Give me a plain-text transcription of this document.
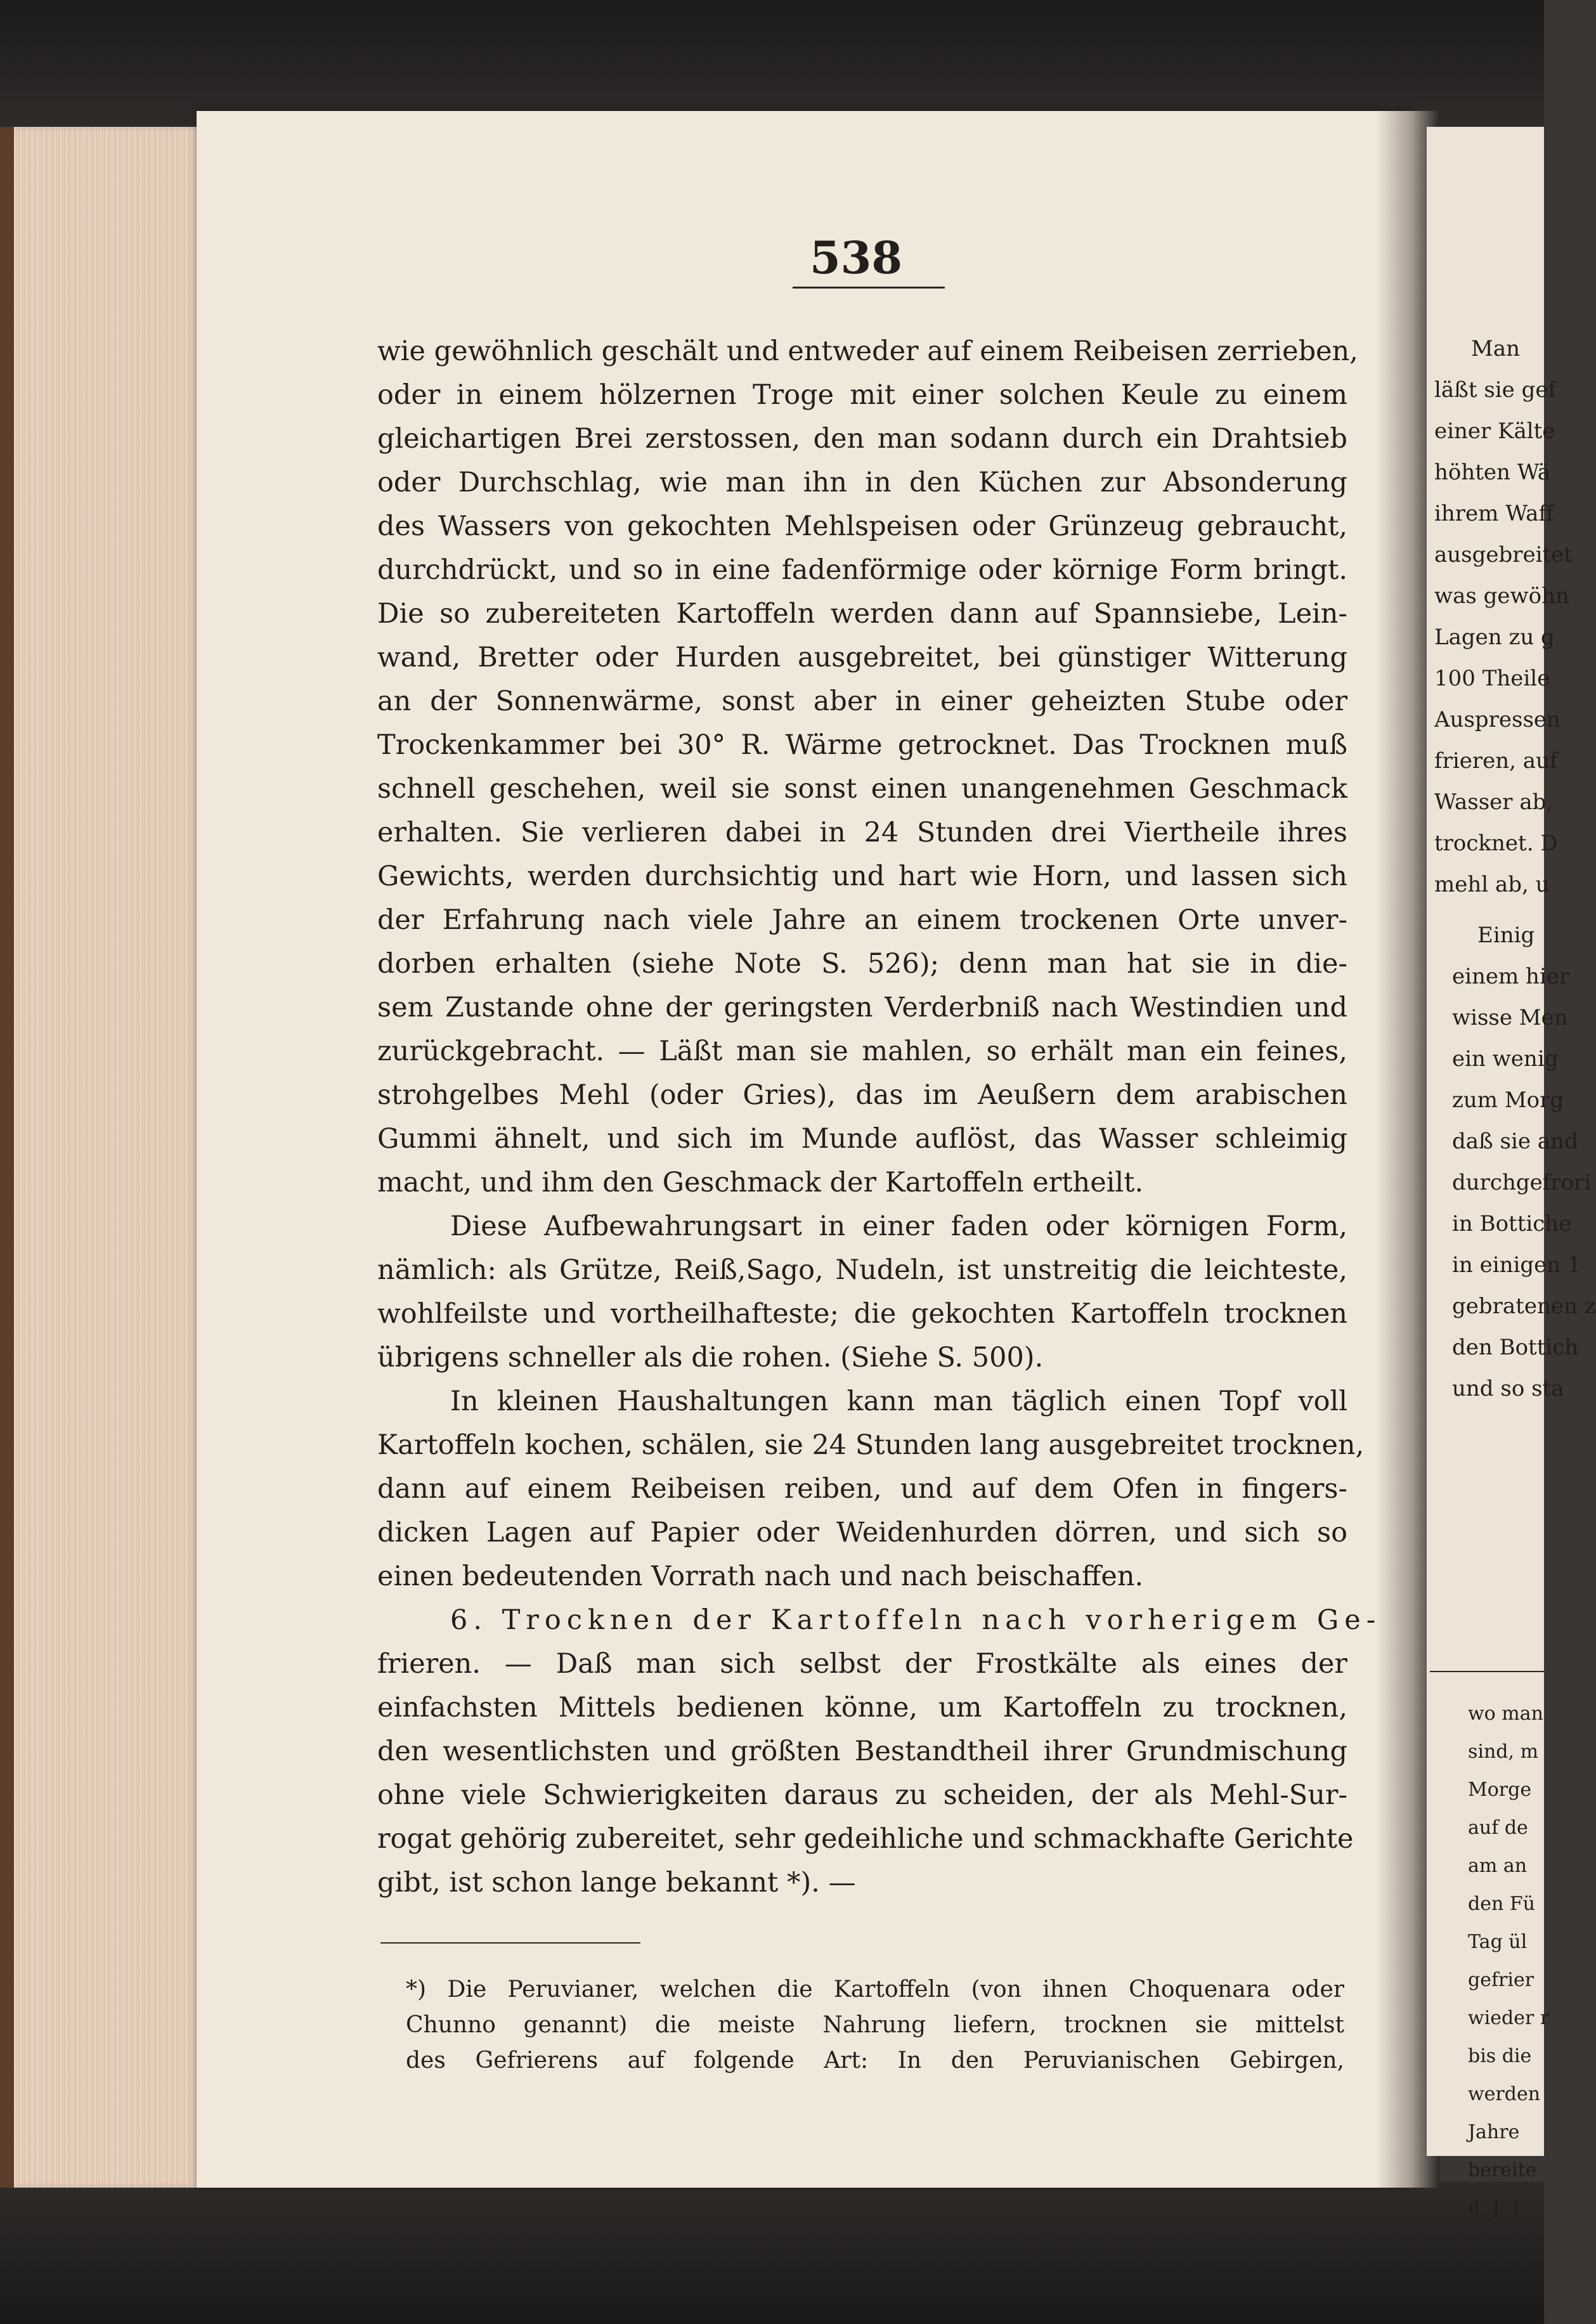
538
wie gewöhnlich geschält und entweder auf einem Reibeisen zerrieben,
oder in einem hölzernen Troge mit einer solchen Keule zu einem
gleichartigen Brei zerstossen, den man sodann durch ein Drahtsieb
oder Durchschlag, wie man ihn in den Küchen zur Absonderung
des Wassers von gekochten Mehlspeisen oder Grünzeug gebraucht,
durchdrückt, und so in eine fadenförmige oder körnige Form bringt.
Die so zubereiteten Kartoffeln werden dann auf Spannsiebe, Lein-
wand, Bretter oder Hurden ausgebreitet, bei günstiger Witterung
an der Sonnenwärme, sonst aber in einer geheizten Stube oder
Trockenkammer bei 30° R. Wärme getrocknet. Das Trocknen muß
schnell geschehen, weil sie sonst einen unangenehmen Geschmack
erhalten. Sie verlieren dabei in 24 Stunden drei Viertheile ihres
Gewichts, werden durchsichtig und hart wie Horn, und lassen sich
der Erfahrung nach viele Jahre an einem trockenen Orte unver-
dorben erhalten (siehe Note S. 526); denn man hat sie in die-
sem Zustande ohne der geringsten Verderbniß nach Westindien und
zurückgebracht. — Läßt man sie mahlen, so erhält man ein feines,
strohgelbes Mehl (oder Gries), das im Aeußern dem arabischen
Gummi ähnelt, und sich im Munde auflöst, das Wasser schleimig
macht, und ihm den Geschmack der Kartoffeln ertheilt.
Diese Aufbewahrungsart in einer faden oder körnigen Form,
nämlich: als Grütze, Reiß,Sago, Nudeln, ist unstreitig die leichteste,
wohlfeilste und vortheilhafteste; die gekochten Kartoffeln trocknen
übrigens schneller als die rohen. (Siehe S. 500).
In kleinen Haushaltungen kann man täglich einen Topf voll
Kartoffeln kochen, schälen, sie 24 Stunden lang ausgebreitet trocknen,
dann auf einem Reibeisen reiben, und auf dem Ofen in fingers-
dicken Lagen auf Papier oder Weidenhurden dörren, und sich so
einen bedeutenden Vorrath nach und nach beischaffen.
6. Trocknen der Kartoffeln nach vorherigem Ge-
frieren. — Daß man sich selbst der Frostkälte als eines der
einfachsten Mittels bedienen könne, um Kartoffeln zu trocknen,
den wesentlichsten und größten Bestandtheil ihrer Grundmischung
ohne viele Schwierigkeiten daraus zu scheiden, der als Mehl-Sur-
rogat gehörig zubereitet, sehr gedeihliche und schmackhafte Gerichte
gibt, ist schon lange bekannt *). —
*) Die Peruvianer, welchen die Kartoffeln (von ihnen Choquenara oder
Chunno genannt) die meiste Nahrung liefern, trocknen sie mittelst
des Gefrierens auf folgende Art: In den Peruvianischen Gebirgen,
Man
läßt sie gef
einer Kälte
höhten Wä
ihrem Waff
ausgebreitet
was gewöhn
Lagen zu g
100 Theile
Auspressen
frieren, auf
Wasser ab,
trocknet. D
mehl ab, u
Einig
einem hier
wisse Men
ein wenig
zum Morg
daß sie and
durchgefrori
in Bottiche
in einigen 1
gebratenen z
den Bottich
und so sta
wo man
sind, m
Morge
auf de
am an
den Fü
Tag ül
gefrier
wieder r
bis die
werden
Jahre
bereite
d. J. 1
